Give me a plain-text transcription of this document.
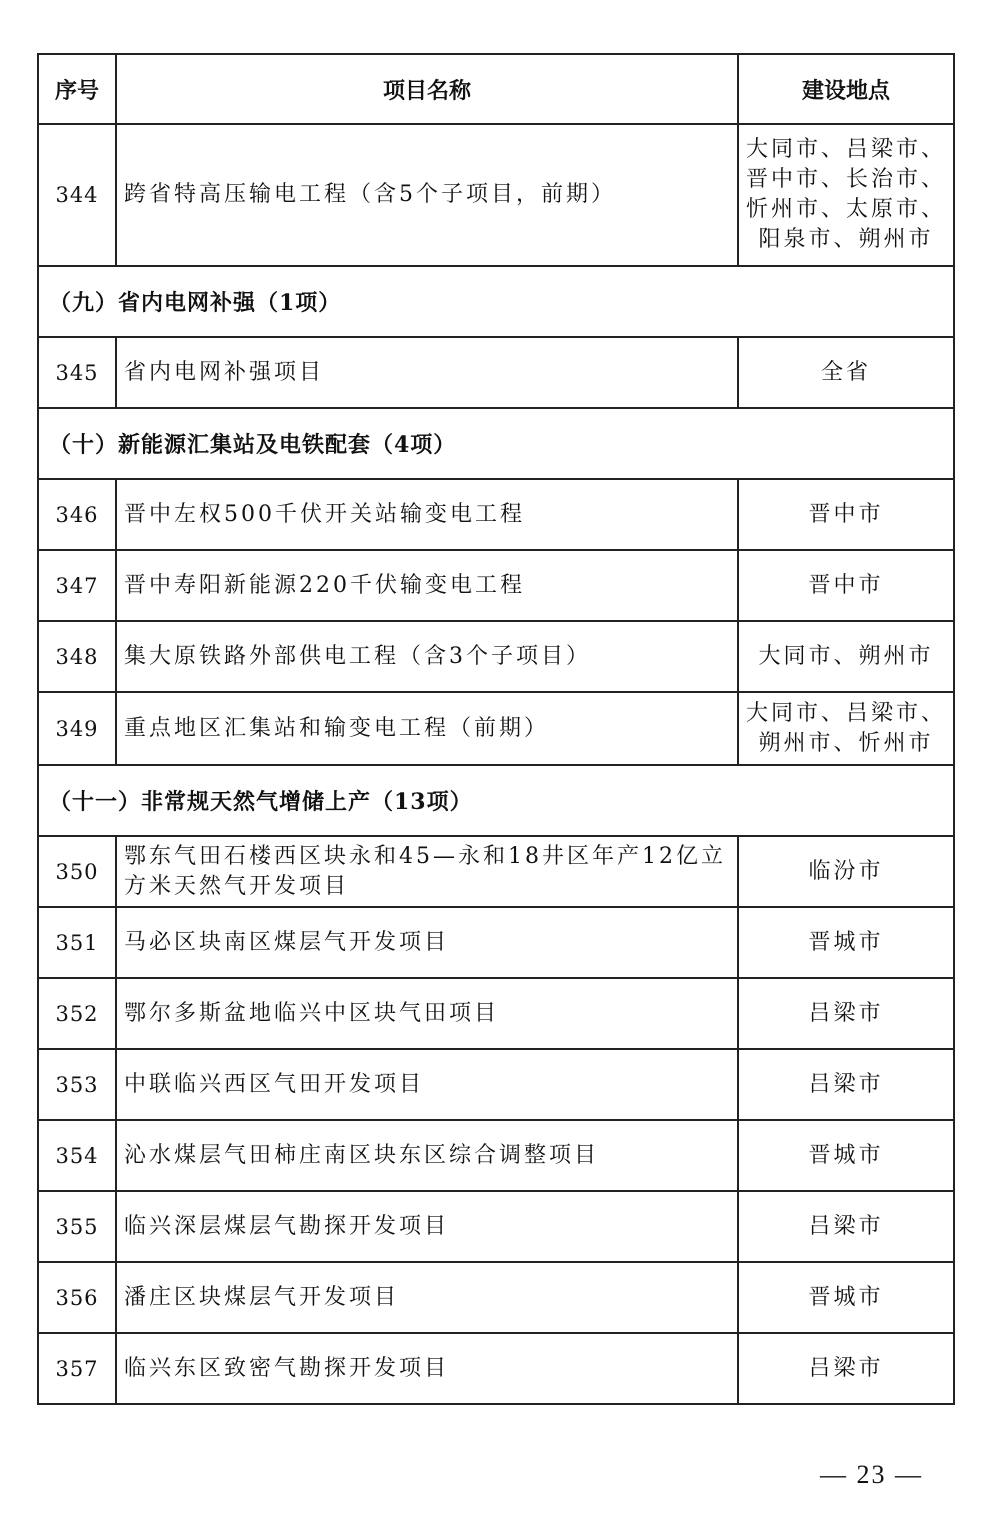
序号	项目名称	建设地点
344	跨省特高压输电工程（含5个子项目，前期）	大同市、吕梁市、晋中市、长治市、忻州市、太原市、阳泉市、朔州市
（九）省内电网补强（1项）		
345	省内电网补强项目	全省
（十）新能源汇集站及电铁配套（4项）		
346	晋中左权500千伏开关站输变电工程	晋中市
347	晋中寿阳新能源220千伏输变电工程	晋中市
348	集大原铁路外部供电工程（含3个子项目）	大同市、朔州市
349	重点地区汇集站和输变电工程（前期）	大同市、吕梁市、朔州市、忻州市
（十一）非常规天然气增储上产（13项）		
350	鄂东气田石楼西区块永和45—永和18井区年产12亿立方米天然气开发项目	临汾市
351	马必区块南区煤层气开发项目	晋城市
352	鄂尔多斯盆地临兴中区块气田项目	吕梁市
353	中联临兴西区气田开发项目	吕梁市
354	沁水煤层气田柿庄南区块东区综合调整项目	晋城市
355	临兴深层煤层气勘探开发项目	吕梁市
356	潘庄区块煤层气开发项目	晋城市
357	临兴东区致密气勘探开发项目	吕梁市
— 23 —
